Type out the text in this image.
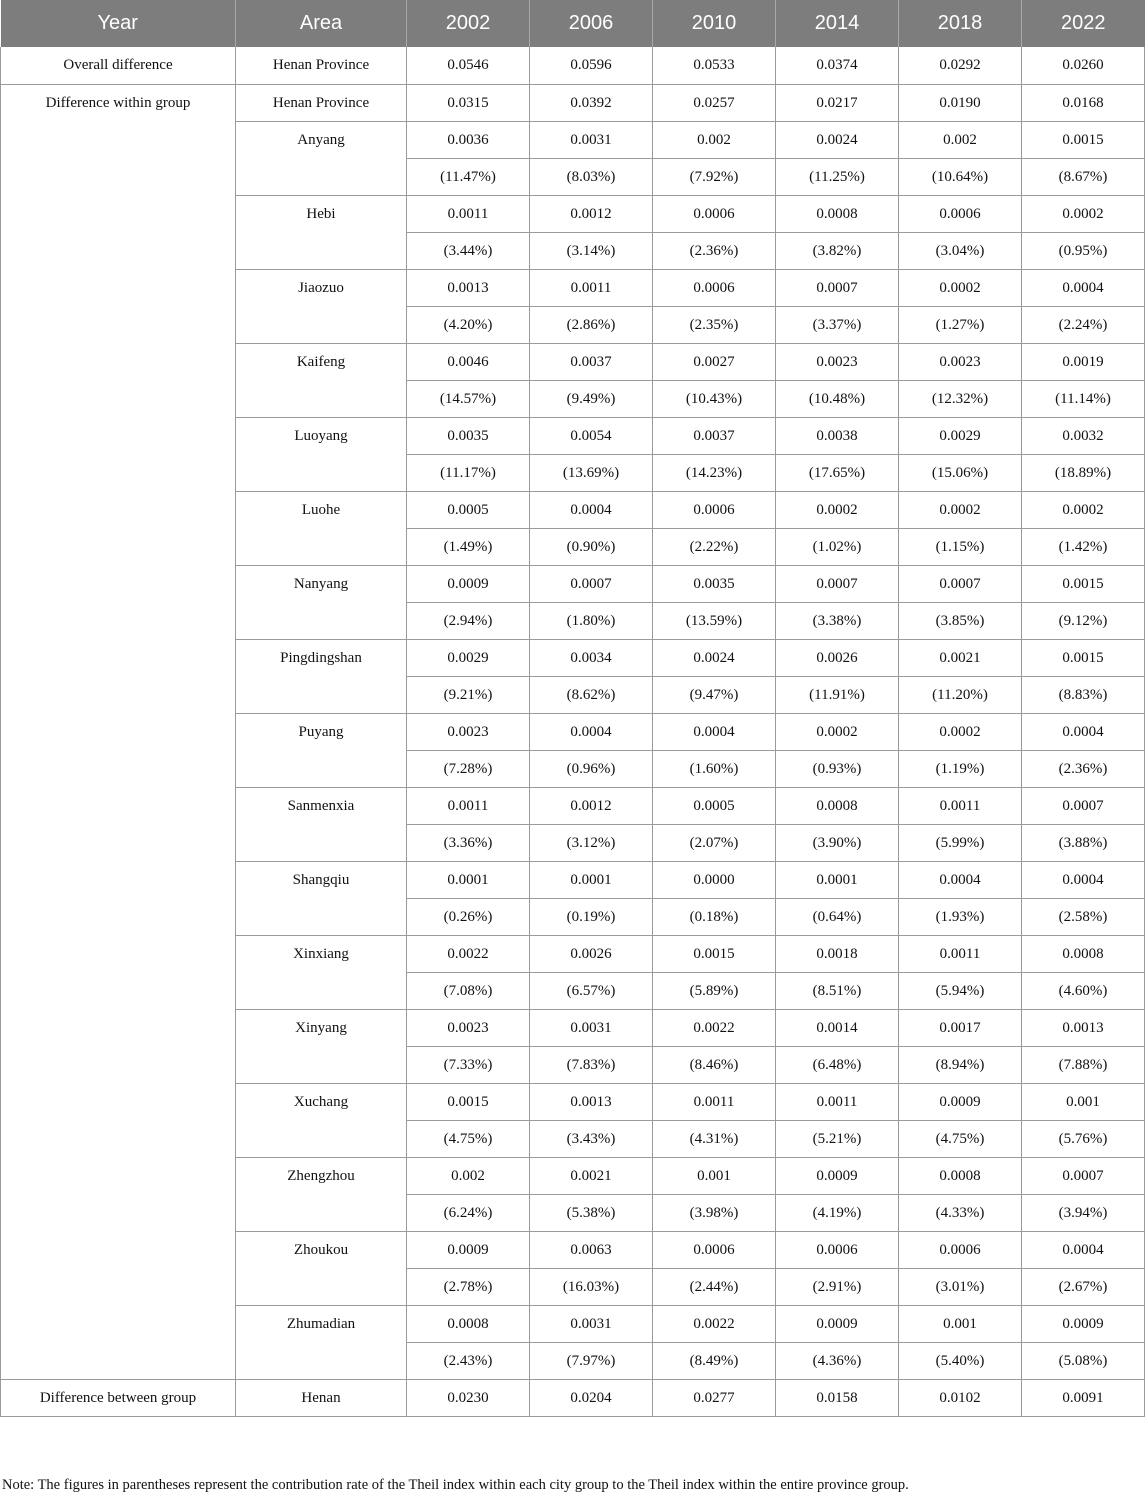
Year	Area	2002	2006	2010	2014	2018	2022
Overall difference	Henan Province	0.0546	0.0596	0.0533	0.0374	0.0292	0.0260
Difference within group	Henan Province	0.0315	0.0392	0.0257	0.0217	0.0190	0.0168
	Anyang	0.0036	0.0031	0.002	0.0024	0.002	0.0015
		(11.47%)	(8.03%)	(7.92%)	(11.25%)	(10.64%)	(8.67%)
	Hebi	0.0011	0.0012	0.0006	0.0008	0.0006	0.0002
		(3.44%)	(3.14%)	(2.36%)	(3.82%)	(3.04%)	(0.95%)
	Jiaozuo	0.0013	0.0011	0.0006	0.0007	0.0002	0.0004
		(4.20%)	(2.86%)	(2.35%)	(3.37%)	(1.27%)	(2.24%)
	Kaifeng	0.0046	0.0037	0.0027	0.0023	0.0023	0.0019
		(14.57%)	(9.49%)	(10.43%)	(10.48%)	(12.32%)	(11.14%)
	Luoyang	0.0035	0.0054	0.0037	0.0038	0.0029	0.0032
		(11.17%)	(13.69%)	(14.23%)	(17.65%)	(15.06%)	(18.89%)
	Luohe	0.0005	0.0004	0.0006	0.0002	0.0002	0.0002
		(1.49%)	(0.90%)	(2.22%)	(1.02%)	(1.15%)	(1.42%)
	Nanyang	0.0009	0.0007	0.0035	0.0007	0.0007	0.0015
		(2.94%)	(1.80%)	(13.59%)	(3.38%)	(3.85%)	(9.12%)
	Pingdingshan	0.0029	0.0034	0.0024	0.0026	0.0021	0.0015
		(9.21%)	(8.62%)	(9.47%)	(11.91%)	(11.20%)	(8.83%)
	Puyang	0.0023	0.0004	0.0004	0.0002	0.0002	0.0004
		(7.28%)	(0.96%)	(1.60%)	(0.93%)	(1.19%)	(2.36%)
	Sanmenxia	0.0011	0.0012	0.0005	0.0008	0.0011	0.0007
		(3.36%)	(3.12%)	(2.07%)	(3.90%)	(5.99%)	(3.88%)
	Shangqiu	0.0001	0.0001	0.0000	0.0001	0.0004	0.0004
		(0.26%)	(0.19%)	(0.18%)	(0.64%)	(1.93%)	(2.58%)
	Xinxiang	0.0022	0.0026	0.0015	0.0018	0.0011	0.0008
		(7.08%)	(6.57%)	(5.89%)	(8.51%)	(5.94%)	(4.60%)
	Xinyang	0.0023	0.0031	0.0022	0.0014	0.0017	0.0013
		(7.33%)	(7.83%)	(8.46%)	(6.48%)	(8.94%)	(7.88%)
	Xuchang	0.0015	0.0013	0.0011	0.0011	0.0009	0.001
		(4.75%)	(3.43%)	(4.31%)	(5.21%)	(4.75%)	(5.76%)
	Zhengzhou	0.002	0.0021	0.001	0.0009	0.0008	0.0007
		(6.24%)	(5.38%)	(3.98%)	(4.19%)	(4.33%)	(3.94%)
	Zhoukou	0.0009	0.0063	0.0006	0.0006	0.0006	0.0004
		(2.78%)	(16.03%)	(2.44%)	(2.91%)	(3.01%)	(2.67%)
	Zhumadian	0.0008	0.0031	0.0022	0.0009	0.001	0.0009
		(2.43%)	(7.97%)	(8.49%)	(4.36%)	(5.40%)	(5.08%)
Difference between group	Henan	0.0230	0.0204	0.0277	0.0158	0.0102	0.0091
Note: The figures in parentheses represent the contribution rate of the Theil index within each city group to the Theil index within the entire province group.
